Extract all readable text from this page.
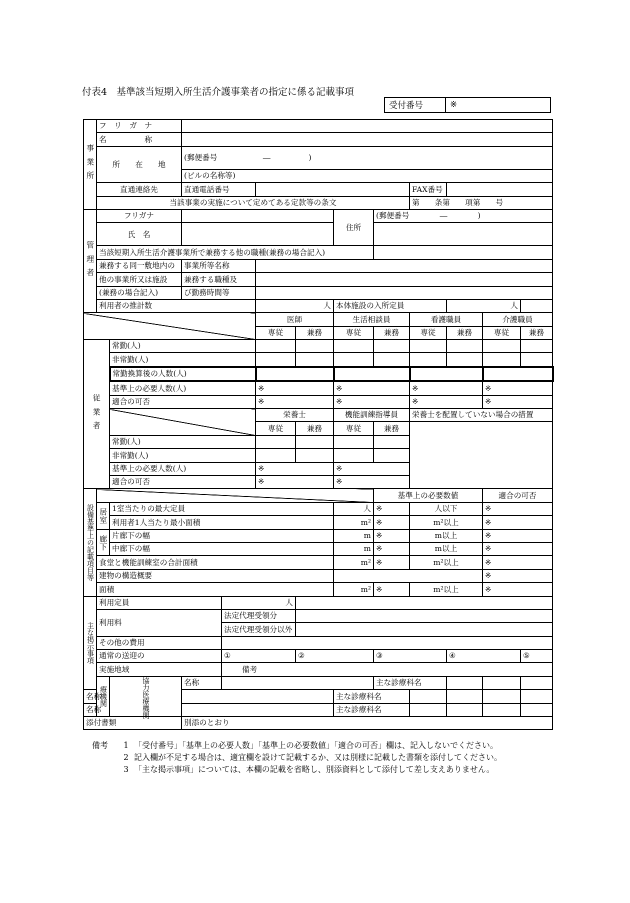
付表4　基準該当短期入所生活介護事業者の指定に係る記載事項
受付番号	※
事業所	フ　リ　ガ　ナ												
	名　　　　　称												
	所　　在　　地		(郵便番号　　　　　　―　　　　　)										
			(ビルの名称等)										
	直通連絡先		直通電話番号						FAX番号				
	当該事業の実施について定めてある定款等の条文								第　　条第　　項第　　号				
管理者	フリガナ						住所	(郵便番号　　　　―　　　　)					
	氏　名												
	当該短期入所生活介護事業所で兼務する他の職種(兼務の場合記入)												
	兼務する同一敷地内の		事業所等名称										
	他の事業所又は施設		兼務する職種及										
	(兼務の場合記入)		び勤務時間等										
	利用者の推計数				人		本体施設の入所定員			人			
					医師		生活相談員		看護職員		介護職員		
					専従	兼務	専従	兼務	専従	兼務	専従	兼務	
従業者		常勤(人)											
		非常勤(人)											
		常勤換算後の人数(人)											
		基準上の必要人数(人)			※		※		※		※		
		適合の可否			※		※		※		※		
					栄養士		機能訓練指導員		栄養士を配置していない場合の措置				
					専従	兼務	専従	兼務					
		常勤(人)											
		非常勤(人)											
		基準上の必要人数(人)			※		※						
		適合の可否			※		※						
設備基準上の記載項目等								基準上の必要数値			適合の可否		
	居室	1室当たりの最大定員					人	※	人以下		※		
		利用者1人当たり最小面積					m²	※	m²以上		※		
	廊下	片廊下の幅					m	※	m以上		※		
		中廊下の幅					m	※	m以上		※		
	食堂と機能訓練室の合計面積						m²	※	m²以上		※		
	建物の構造概要										※		
	面積						m²	※	m²以上		※		
主な掲示事項	利用定員			人									
	利用料			法定代理受領分									
				法定代理受領分以外									
	その他の費用												
	通常の送迎の			①		②		③		④		⑤	
	実施地域			備考									
	療機関	協力医療機関	名称					主な診療科名					
名称							主な診療科名						
名称							主な診療科名						
添付書類			別添のとおり										
備考	1 「受付番号」「基準上の必要人数」「基準上の必要数値」「適合の可否」欄は、記入しないでください。
2 記入欄が不足する場合は、適宜欄を設けて記載するか、又は別様に記載した書類を添付してください。
3 「主な掲示事項」については、本欄の記載を省略し、別添資料として添付して差し支えありません。
